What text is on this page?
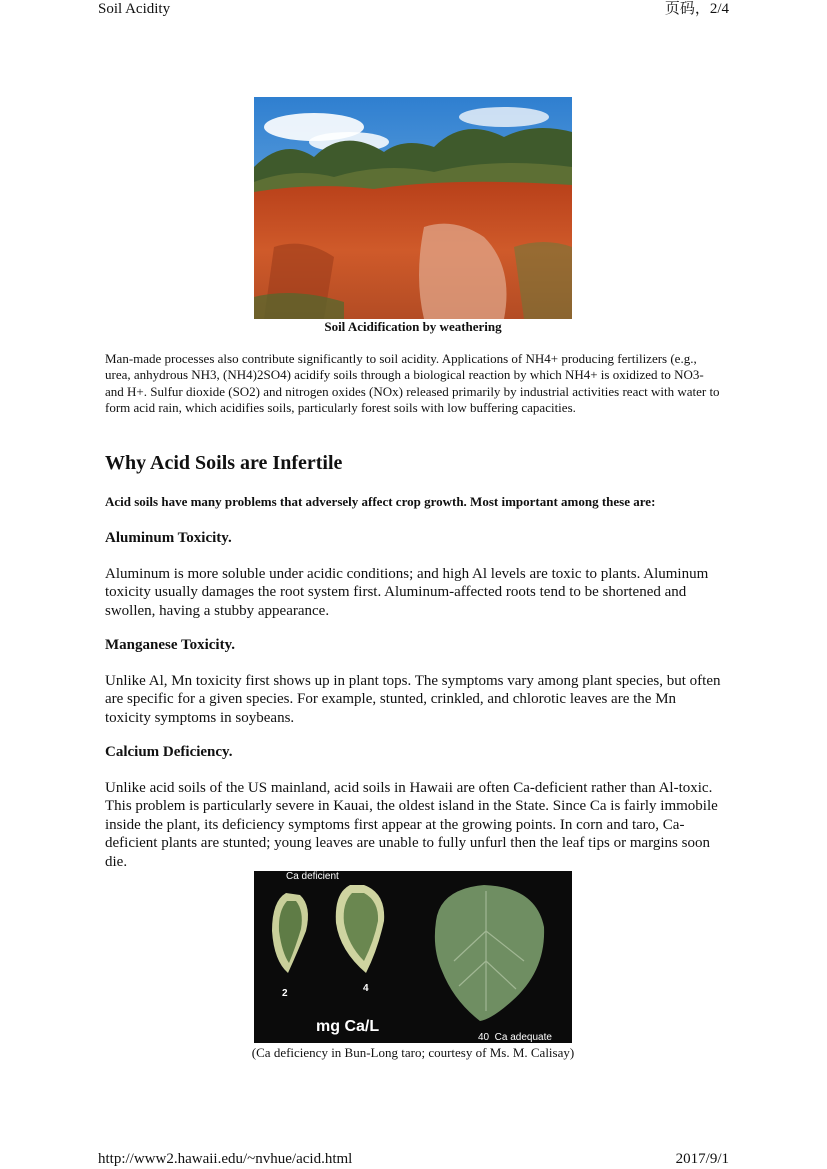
Soil Acidity	页码，2/4
Soil Acidification by weathering
Man-made processes also contribute significantly to soil acidity. Applications of NH4+ producing fertilizers (e.g., urea, anhydrous NH3, (NH4)2SO4) acidify soils through a biological reaction by which NH4+ is oxidized to NO3- and H+. Sulfur dioxide (SO2) and nitrogen oxides (NOx) released primarily by industrial activities react with water to form acid rain, which acidifies soils, particularly forest soils with low buffering capacities.
Why Acid Soils are Infertile
Acid soils have many problems that adversely affect crop growth. Most important among these are:
Aluminum Toxicity.
Aluminum is more soluble under acidic conditions; and high Al levels are toxic to plants. Aluminum toxicity usually damages the root system first. Aluminum-affected roots tend to be shortened and swollen, having a stubby appearance.
Manganese Toxicity.
Unlike Al, Mn toxicity first shows up in plant tops. The symptoms vary among plant species, but often are specific for a given species. For example, stunted, crinkled, and chlorotic leaves are the Mn toxicity symptoms in soybeans.
Calcium Deficiency.
Unlike acid soils of the US mainland, acid soils in Hawaii are often Ca-deficient rather than Al-toxic. This problem is particularly severe in Kauai, the oldest island in the State. Since Ca is fairly immobile inside the plant, its deficiency symptoms first appear at the growing points. In corn and taro, Ca-deficient plants are stunted; young leaves are unable to fully unfurl then the leaf tips or margins soon die.
Ca deficient
2	4
mg Ca/L
40  Ca adequate
(Ca deficiency in Bun-Long taro; courtesy of Ms. M. Calisay)
http://www2.hawaii.edu/~nvhue/acid.html	2017/9/1
